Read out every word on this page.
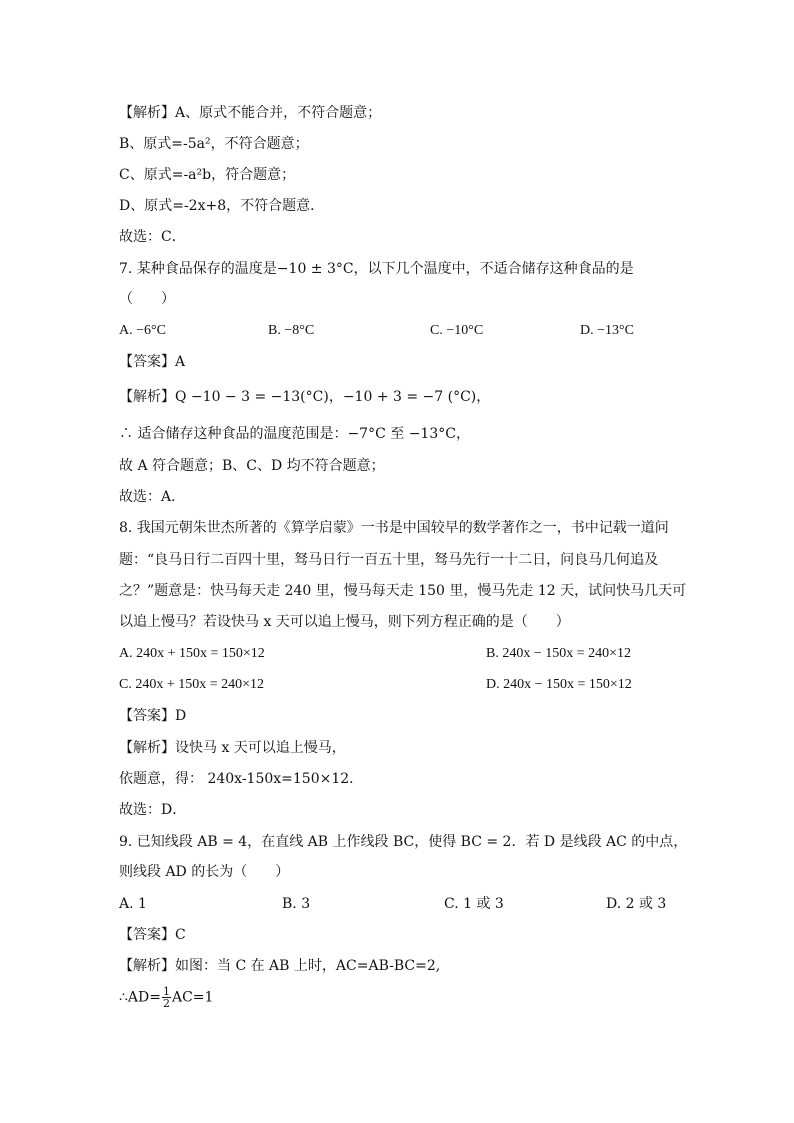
【解析】A、原式不能合并，不符合题意；
B、原式=-5a²，不符合题意；
C、原式=-a²b，符合题意；
D、原式=-2x+8，不符合题意．
故选：C．
7. 某种食品保存的温度是−10 ± 3°C，以下几个温度中，不适合储存这种食品的是
（　　）
A. −6°C	B. −8°C	C. −10°C	D. −13°C
【答案】A
【解析】Q −10 − 3 = −13(°C)，−10 + 3 = −7 (°C)，
∴ 适合储存这种食品的温度范围是：−7°C 至 −13°C，
故 A 符合题意；B、C、D 均不符合题意；
故选：A．
8. 我国元朝朱世杰所著的《算学启蒙》一书是中国较早的数学著作之一，书中记载一道问
题：“良马日行二百四十里，驽马日行一百五十里，驽马先行一十二日，问良马几何追及
之？”题意是：快马每天走 240 里，慢马每天走 150 里，慢马先走 12 天，试问快马几天可
以追上慢马？若设快马 x 天可以追上慢马，则下列方程正确的是（　　）
A. 240x + 150x = 150×12	B. 240x − 150x = 240×12
C. 240x + 150x = 240×12	D. 240x − 150x = 150×12
【答案】D
【解析】设快马 x 天可以追上慢马，
依题意，得： 240x-150x=150×12．
故选：D．
9. 已知线段 AB = 4，在直线 AB 上作线段 BC，使得 BC = 2．若 D 是线段 AC 的中点，
则线段 AD 的长为（　　）
A. 1	B. 3	C. 1 或 3	D. 2 或 3
【答案】C
【解析】如图：当 C 在 AB 上时，AC=AB-BC=2,
∴AD= $\frac{1}{2} AC=1$
